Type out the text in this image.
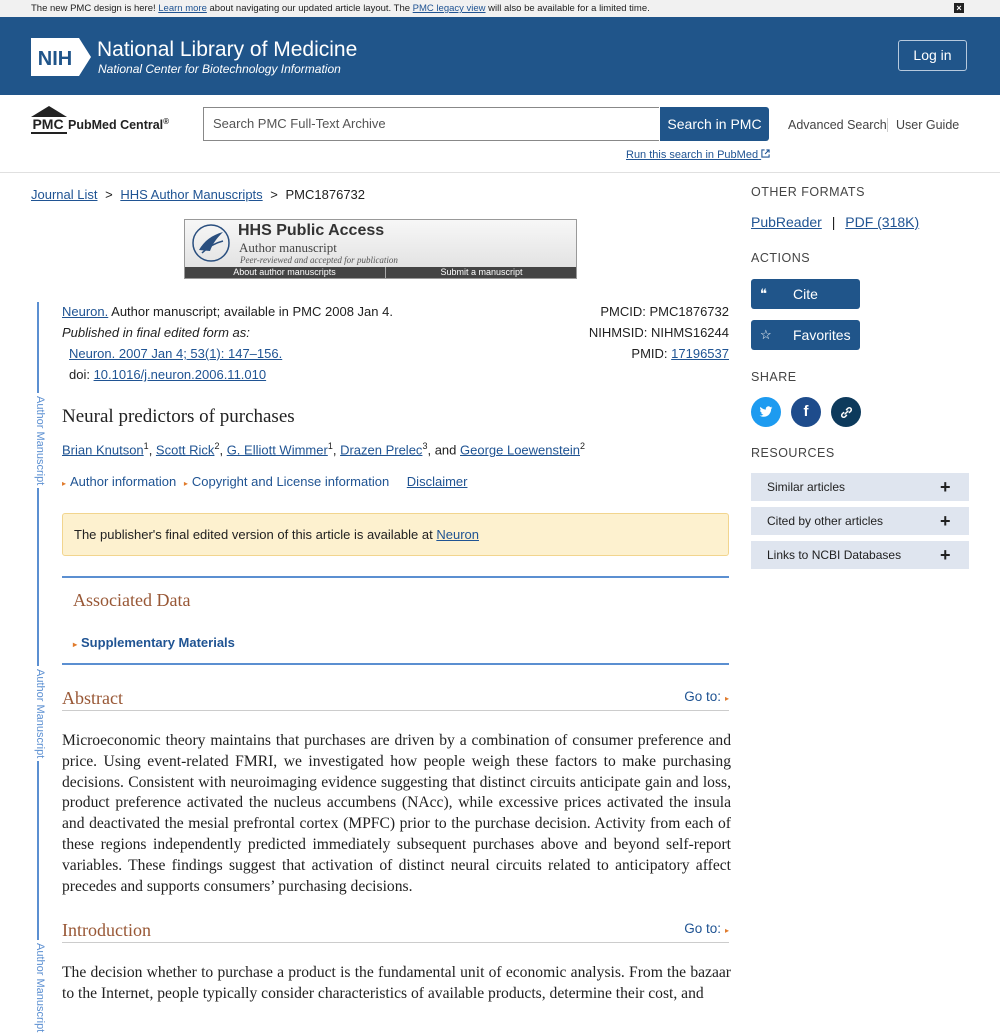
The new PMC design is here! Learn more about navigating our updated article layout. The PMC legacy view will also be available for a limited time.	×
NIH National Library of Medicine
National Center for Biotechnology Information
Log in
PMC PubMed Central®	Search PMC Full-Text Archive	Search in PMC	Advanced Search User Guide
Run this search in PubMed
Journal List > HHS Author Manuscripts > PMC1876732
HHS Public Access
Author manuscript
Peer-reviewed and accepted for publication
About author manuscripts	Submit a manuscript
Author Manuscript
Author Manuscript
Author Manuscript
Neuron. Author manuscript; available in PMC 2008 Jan 4.
Published in final edited form as:
Neuron. 2007 Jan 4; 53(1): 147–156.
doi: 10.1016/j.neuron.2006.11.010
PMCID: PMC1876732
NIHMSID: NIHMS16244
PMID: 17196537
Neural predictors of purchases
Brian Knutson$^1$, Scott Rick$^2$, G. Elliott Wimmer$^1$, Drazen Prelec$^3$, and George Loewenstein$^2$
▸ Author information ▸ Copyright and License information Disclaimer
The publisher's final edited version of this article is available at Neuron
Associated Data
▸ Supplementary Materials
Abstract	Go to: ▸
Microeconomic theory maintains that purchases are driven by a combination of consumer preference and price. Using event-related FMRI, we investigated how people weigh these factors to make purchasing decisions. Consistent with neuroimaging evidence suggesting that distinct circuits anticipate gain and loss, product preference activated the nucleus accumbens (NAcc), while excessive prices activated the insula and deactivated the mesial prefrontal cortex (MPFC) prior to the purchase decision. Activity from each of these regions independently predicted immediately subsequent purchases above and beyond self-report variables. These findings suggest that activation of distinct neural circuits related to anticipatory affect precedes and supports consumers’ purchasing decisions.
Introduction	Go to: ▸
The decision whether to purchase a product is the fundamental unit of economic analysis. From the bazaar to the Internet, people typically consider characteristics of available products, determine their cost, and
OTHER FORMATS
PubReader | PDF (318K)
ACTIONS
❝ Cite
☆ Favorites
SHARE
f
RESOURCES
Similar articles	+
Cited by other articles	+
Links to NCBI Databases +
